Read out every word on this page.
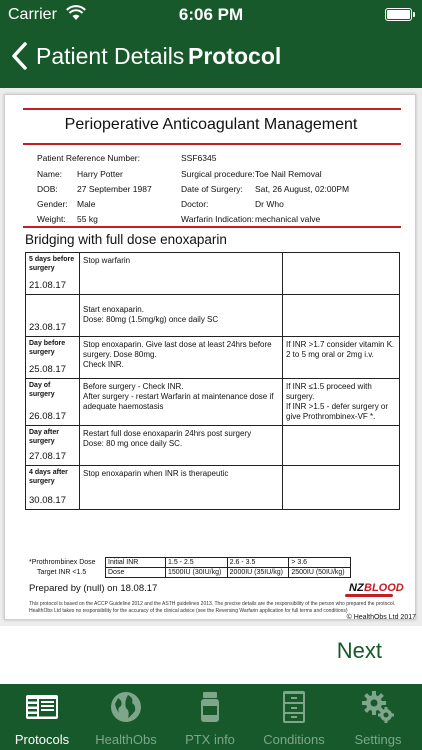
Carrier	6:06 PM
Patient Details Protocol
Perioperative Anticoagulant Management
Patient Reference Number:	SSF6345
Name: Harry Potter	Surgical procedure: Toe Nail Removal
DOB: 27 September 1987	Date of Surgery: Sat, 26 August, 02:00PM
Gender: Male	Doctor:	Dr Who
Weight: 55 kg	Warfarin Indication: mechanical valve
Bridging with full dose enoxaparin
5 days before surgery
21.08.17	Stop warfarin	

23.08.17	Start enoxaparin.
Dose: 80mg (1.5mg/kg) once daily SC	

Day before surgery
25.08.17	Stop enoxaparin. Give last dose at least 24hrs before surgery. Dose 80mg.
Check INR.	If INR >1.7 consider vitamin K. 2 to 5 mg oral or 2mg i.v.

Day of surgery
26.08.17	Before surgery - Check INR.
After surgery - restart Warfarin at maintenance dose if adequate haemostasis	If INR ≤1.5 proceed with surgery.
If INR >1.5 - defer surgery or give Prothrombinex-VF *.

Day after surgery
27.08.17	Restart full dose enoxaparin 24hrs post surgery
Dose: 80 mg once daily SC.	

4 days after surgery
30.08.17	Stop enoxaparin when INR is therapeutic	
*Prothrombinex Dose
Target INR <1.5
Initial INR	1.5 - 2.5	2.6 - 3.5	> 3.6
Dose	1500IU (30IU/kg)	2000IU (35IU/kg)	2500IU (50IU/kg)
Prepared by (null) on 18.08.17	NZ BLOOD
This protocol is based on the ACCP Guideline 2012 and the ASTH guidelines 2013. The precise details are the responsibility of the person who prepared the protocol.
HealthObs Ltd takes no responsibility for the accuracy of the clinical advice (see the Reversing Warfarin application for full terms and conditions)
© HealthObs Ltd 2017
Next
Protocols	HealthObs	PTX info	Conditions	Settings
